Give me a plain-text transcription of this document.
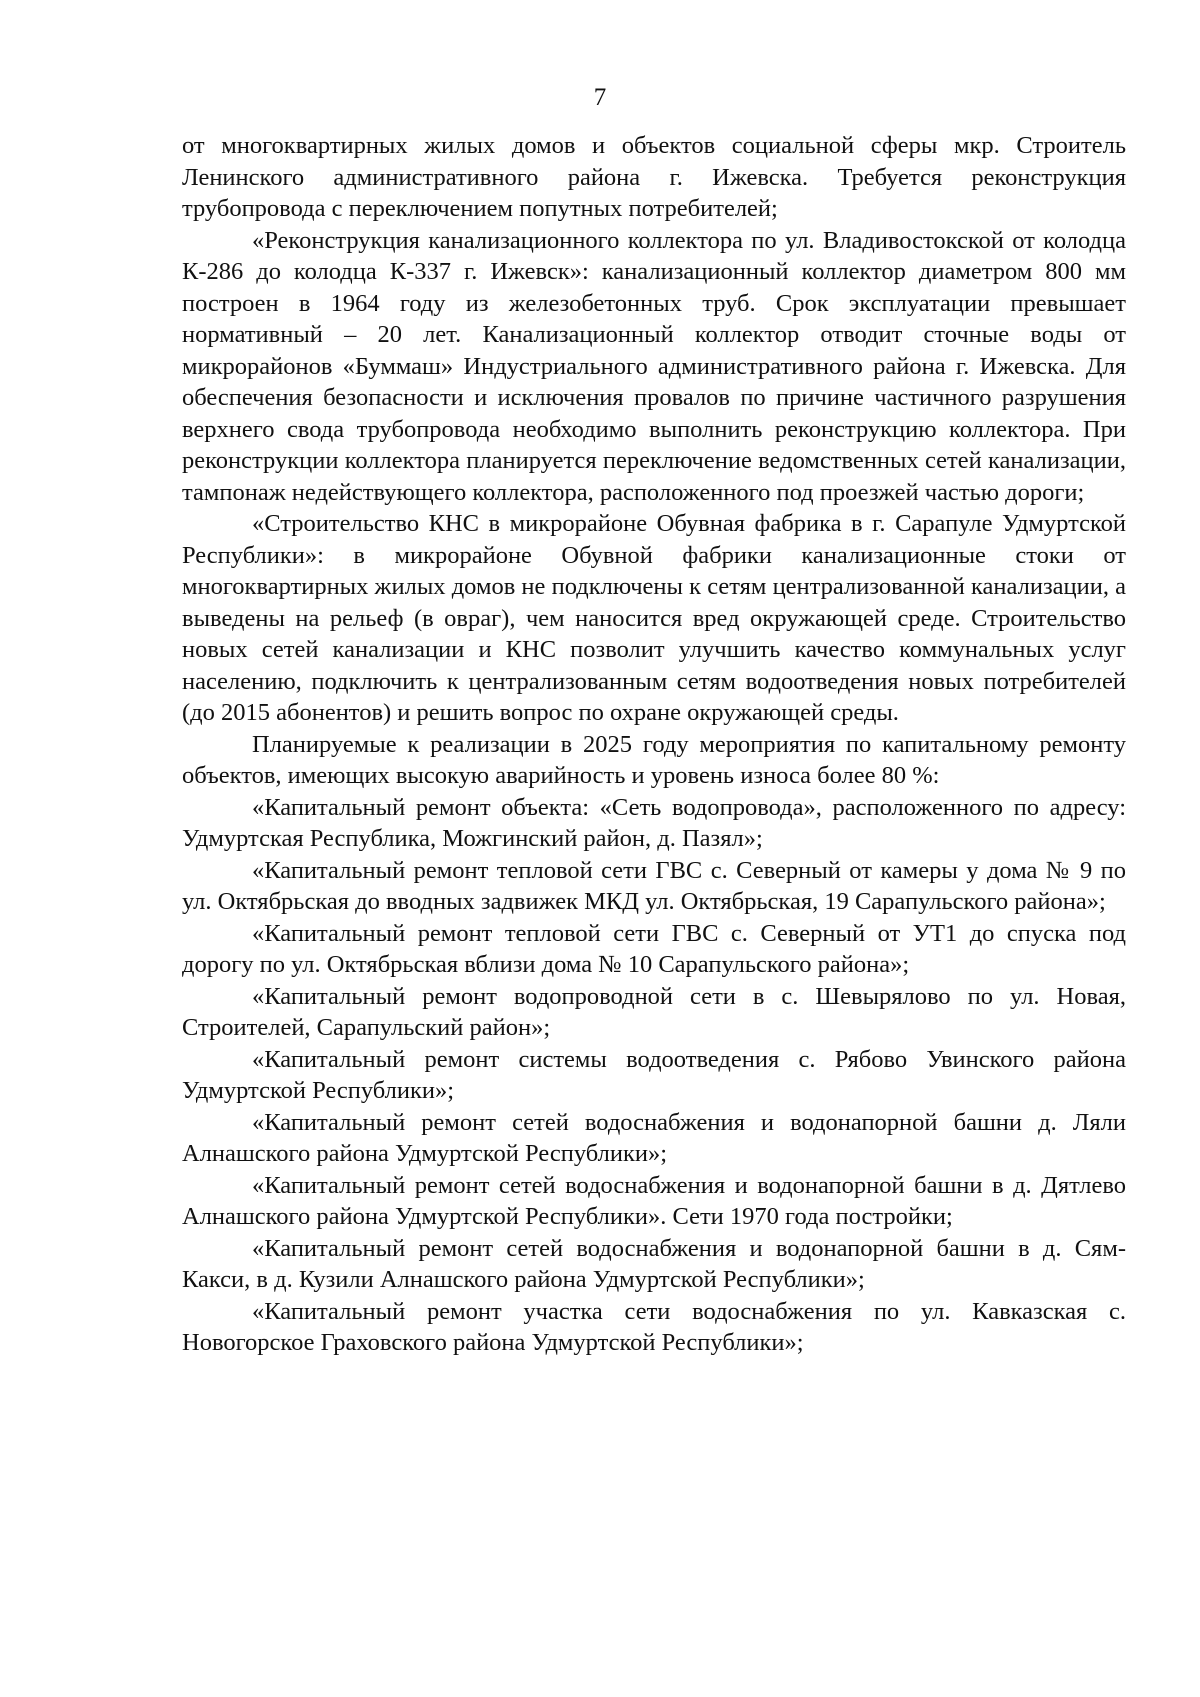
7

от многоквартирных жилых домов и объектов социальной сферы мкр. Строитель Ленинского административного района г. Ижевска. Требуется реконструкция трубопровода с переключением попутных потребителей;

«Реконструкция канализационного коллектора по ул. Владивостокской от колодца К-286 до колодца К-337 г. Ижевск»: канализационный коллектор диаметром 800 мм построен в 1964 году из железобетонных труб. Срок эксплуатации превышает нормативный – 20 лет. Канализационный коллектор отводит сточные воды от микрорайонов «Буммаш» Индустриального административного района г. Ижевска. Для обеспечения безопасности и исключения провалов по причине частичного разрушения верхнего свода трубопровода необходимо выполнить реконструкцию коллектора. При реконструкции коллектора планируется переключение ведомственных сетей канализации, тампонаж недействующего коллектора, расположенного под проезжей частью дороги;

«Строительство КНС в микрорайоне Обувная фабрика в г. Сарапуле Удмуртской Республики»: в микрорайоне Обувной фабрики канализационные стоки от многоквартирных жилых домов не подключены к сетям централизованной канализации, а выведены на рельеф (в овраг), чем наносится вред окружающей среде. Строительство новых сетей канализации и КНС позволит улучшить качество коммунальных услуг населению, подключить к централизованным сетям водоотведения новых потребителей (до 2015 абонентов) и решить вопрос по охране окружающей среды.

Планируемые к реализации в 2025 году мероприятия по капитальному ремонту объектов, имеющих высокую аварийность и уровень износа более 80 %:

«Капитальный ремонт объекта: «Сеть водопровода», расположенного по адресу: Удмуртская Республика, Можгинский район, д. Пазял»;

«Капитальный ремонт тепловой сети ГВС с. Северный от камеры у дома № 9 по ул. Октябрьская до вводных задвижек МКД ул. Октябрьская, 19 Сарапульского района»;

«Капитальный ремонт тепловой сети ГВС с. Северный от УТ1 до спуска под дорогу по ул. Октябрьская вблизи дома № 10 Сарапульского района»;

«Капитальный ремонт водопроводной сети в с. Шевырялово по ул. Новая, Строителей, Сарапульский район»;

«Капитальный ремонт системы водоотведения с. Рябово Увинского района Удмуртской Республики»;

«Капитальный ремонт сетей водоснабжения и водонапорной башни д. Ляли Алнашского района Удмуртской Республики»;

«Капитальный ремонт сетей водоснабжения и водонапорной башни в д. Дятлево Алнашского района Удмуртской Республики». Сети 1970 года постройки;

«Капитальный ремонт сетей водоснабжения и водонапорной башни в д. Сям-Какси, в д. Кузили Алнашского района Удмуртской Республики»;

«Капитальный ремонт участка сети водоснабжения по ул. Кавказская с. Новогорское Граховского района Удмуртской Республики»;
